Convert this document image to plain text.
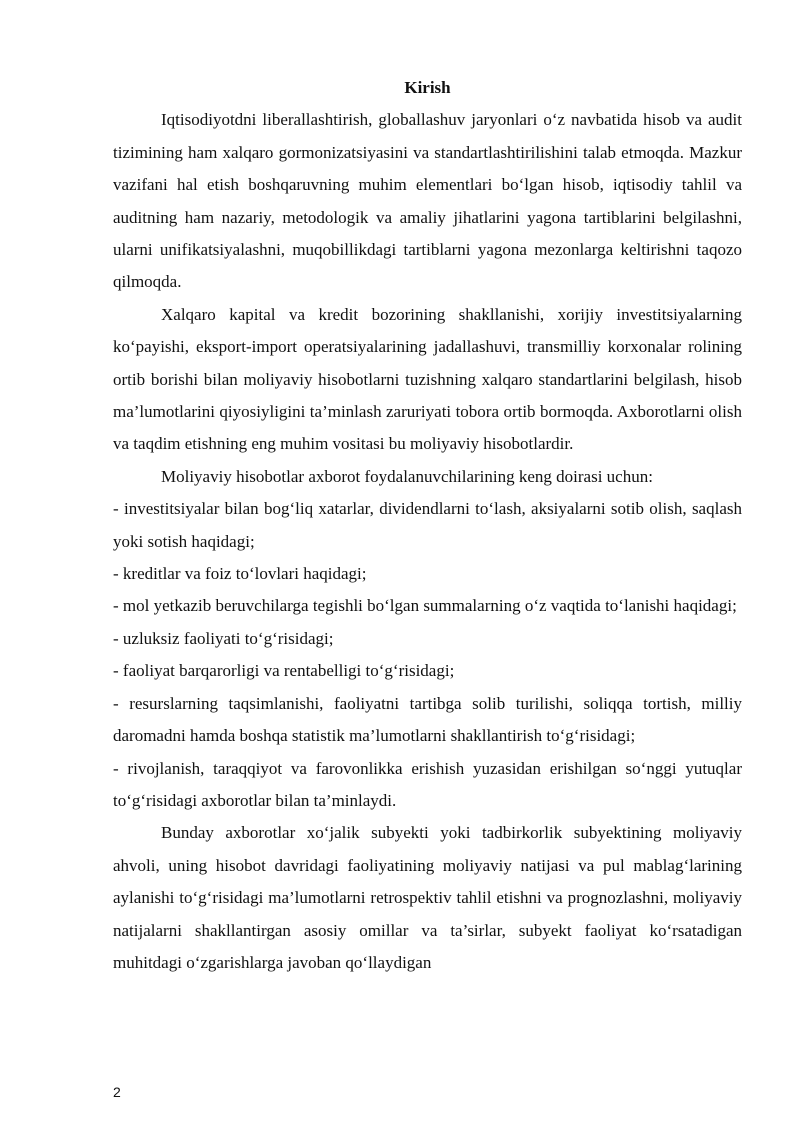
Kirish

Iqtisodiyotdni liberallashtirish, globallashuv jaryonlari o‘z navbatida hisob va audit tizimining ham xalqaro gormonizatsiyasini va standartlashtirilishini talab etmoqda. Mazkur vazifani hal etish boshqaruvning muhim elementlari bo‘lgan hisob, iqtisodiy tahlil va auditning ham nazariy, metodologik va amaliy jihatlarini yagona tartiblarini belgilashni, ularni unifikatsiyalashni, muqobillikdagi tartiblarni yagona mezonlarga keltirishni taqozo qilmoqda.

Xalqaro kapital va kredit bozorining shakllanishi, xorijiy investitsiyalarning ko‘payishi, eksport-import operatsiyalarining jadallashuvi, transmilliy korxonalar rolining ortib borishi bilan moliyaviy hisobotlarni tuzishning xalqaro standartlarini belgilash, hisob ma’lumotlarini qiyosiyligini ta’minlash zaruriyati tobora ortib bormoqda. Axborotlarni olish va taqdim etishning eng muhim vositasi bu moliyaviy hisobotlardir.

Moliyaviy hisobotlar axborot foydalanuvchilarining keng doirasi uchun:

- investitsiyalar bilan bog‘liq xatarlar, dividendlarni to‘lash, aksiyalarni sotib olish, saqlash yoki sotish haqidagi;

- kreditlar va foiz to‘lovlari haqidagi;

- mol yetkazib beruvchilarga tegishli bo‘lgan summalarning o‘z vaqtida to‘lanishi haqidagi;

- uzluksiz faoliyati to‘g‘risidagi;

- faoliyat barqarorligi va rentabelligi to‘g‘risidagi;

- resurslarning taqsimlanishi, faoliyatni tartibga solib turilishi, soliqqa tortish, milliy daromadni hamda boshqa statistik ma’lumotlarni shakllantirish to‘g‘risidagi;

- rivojlanish, taraqqiyot va farovonlikka erishish yuzasidan erishilgan so‘nggi yutuqlar to‘g‘risidagi axborotlar bilan ta’minlaydi.

Bunday axborotlar xo‘jalik subyekti yoki tadbirkorlik subyektining moliyaviy ahvoli, uning hisobot davridagi faoliyatining moliyaviy natijasi va pul mablag‘larining aylanishi to‘g‘risidagi ma’lumotlarni retrospektiv tahlil etishni va prognozlashni, moliyaviy natijalarni shakllantirgan asosiy omillar va ta’sirlar, subyekt faoliyat ko‘rsatadigan muhitdagi o‘zgarishlarga javoban qo‘llaydigan

2
